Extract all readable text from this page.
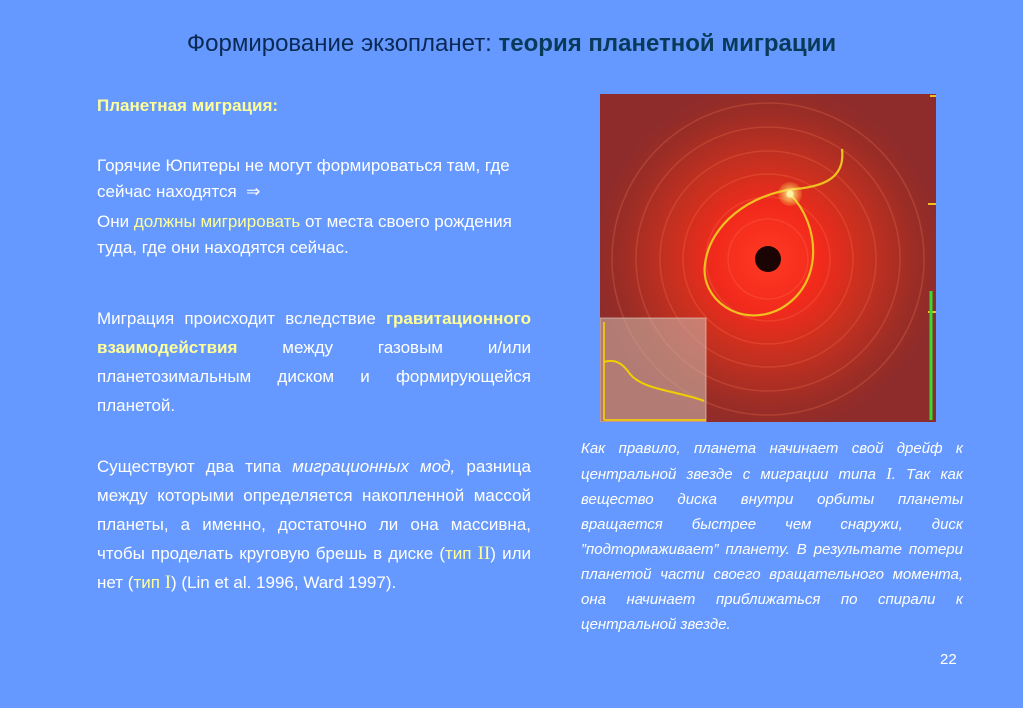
Формирование экзопланет: теория планетной миграции
Планетная миграция:
Горячие Юпитеры не могут формироваться там, где сейчас находятся ⇒
Они должны мигрировать от места своего рождения туда, где они находятся сейчас.
Миграция происходит вследствие гравитационного взаимодействия между газовым и/или планетозимальным диском и формирующейся планетой.
Существуют два типа миграционных мод, разница между которыми определяется накопленной массой планеты, а именно, достаточно ли она массивна, чтобы проделать круговую брешь в диске (тип II) или нет (тип I) (Lin et al. 1996, Ward 1997).
Как правило, планета начинает свой дрейф к центральной звезде с миграции типа I. Так как вещество диска внутри орбиты планеты вращается быстрее чем снаружи, диск ”подтормаживает” планету. В результате потери планетой части своего вращательного момента, она начинает приближаться по спирали к центральной звезде.
22
